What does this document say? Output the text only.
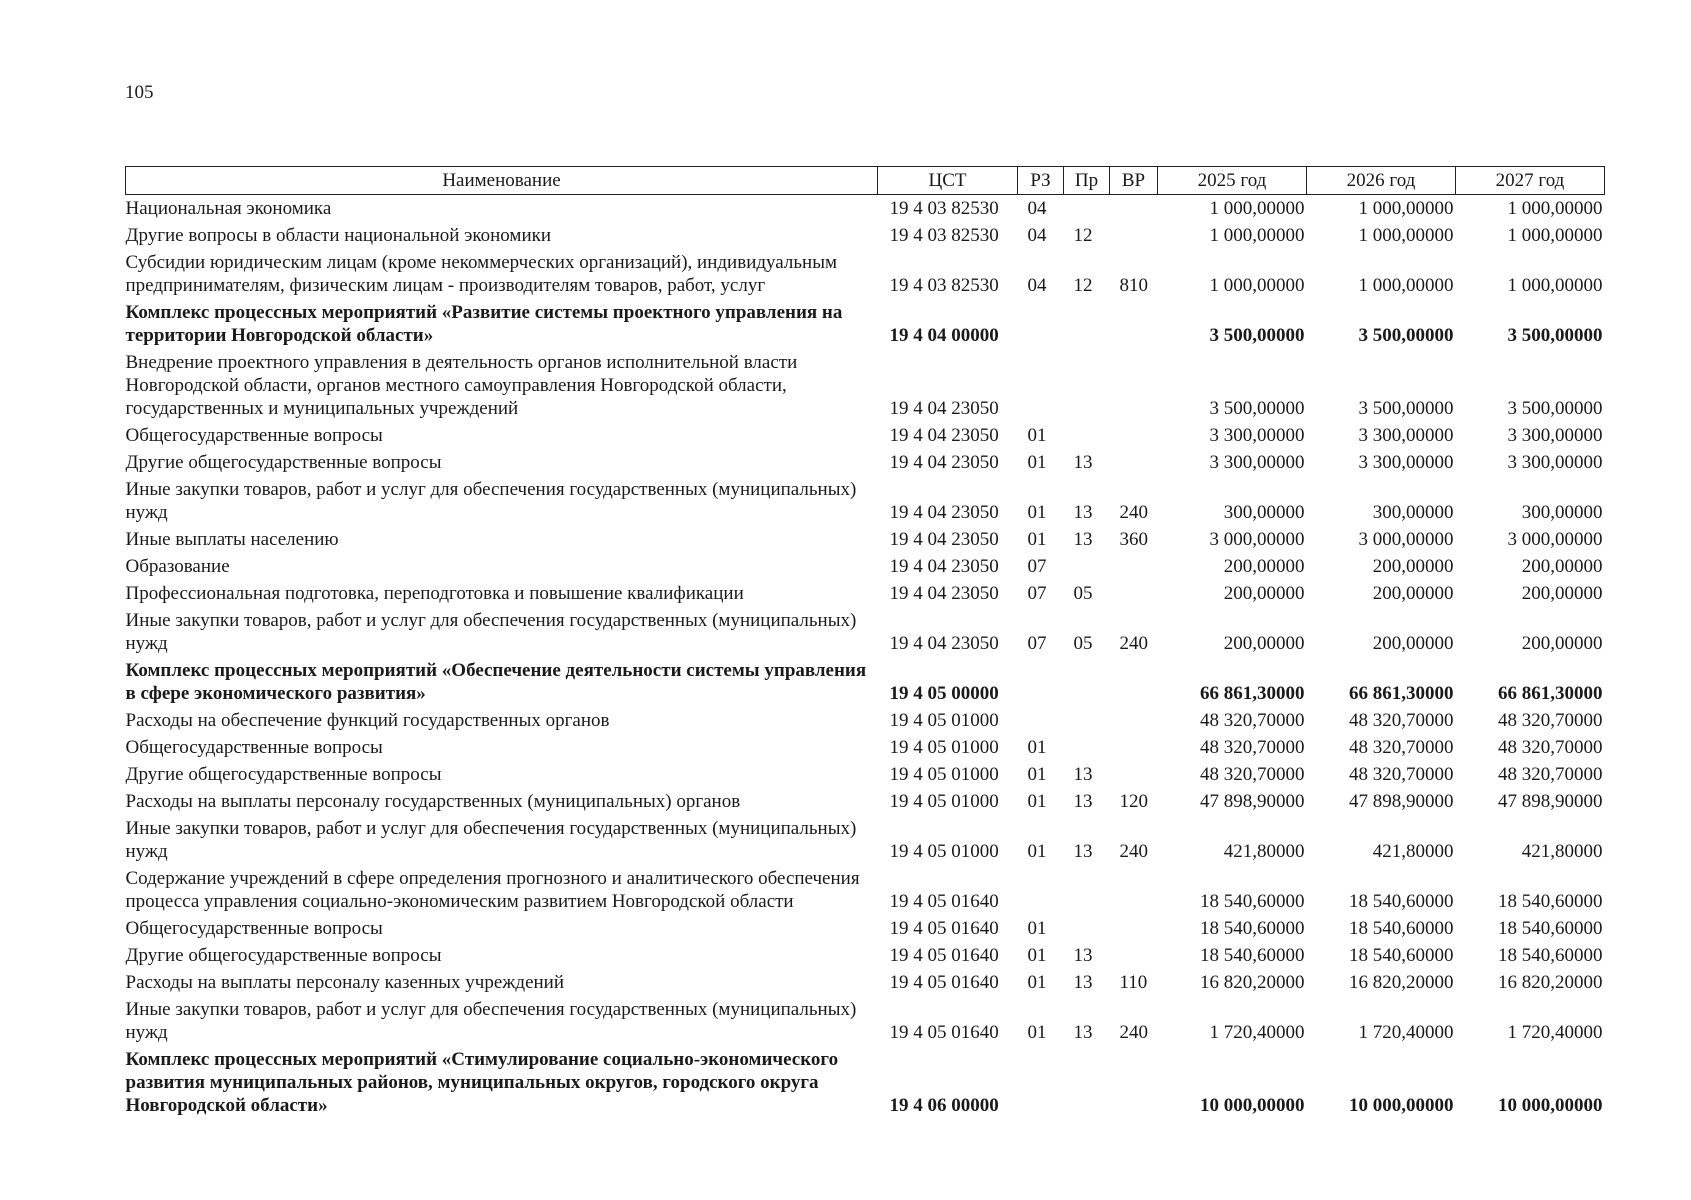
105
Наименование	ЦСТ	РЗ	Пр	ВР	2025 год	2026 год	2027 год
Национальная экономика	19 4 03 82530	04			1 000,00000	1 000,00000	1 000,00000
Другие вопросы в области национальной экономики	19 4 03 82530	04	12		1 000,00000	1 000,00000	1 000,00000
Субсидии юридическим лицам (кроме некоммерческих организаций), индивидуальным предпринимателям, физическим лицам - производителям товаров, работ, услуг	19 4 03 82530	04	12	810	1 000,00000	1 000,00000	1 000,00000
Комплекс процессных мероприятий «Развитие системы проектного управления на территории Новгородской области»	19 4 04 00000				3 500,00000	3 500,00000	3 500,00000
Внедрение проектного управления в деятельность органов исполнительной власти Новгородской области, органов местного самоуправления Новгородской области, государственных и муниципальных учреждений	19 4 04 23050				3 500,00000	3 500,00000	3 500,00000
Общегосударственные вопросы	19 4 04 23050	01			3 300,00000	3 300,00000	3 300,00000
Другие общегосударственные вопросы	19 4 04 23050	01	13		3 300,00000	3 300,00000	3 300,00000
Иные закупки товаров, работ и услуг для обеспечения государственных (муниципальных) нужд	19 4 04 23050	01	13	240	300,00000	300,00000	300,00000
Иные выплаты населению	19 4 04 23050	01	13	360	3 000,00000	3 000,00000	3 000,00000
Образование	19 4 04 23050	07			200,00000	200,00000	200,00000
Профессиональная подготовка, переподготовка и повышение квалификации	19 4 04 23050	07	05		200,00000	200,00000	200,00000
Иные закупки товаров, работ и услуг для обеспечения государственных (муниципальных) нужд	19 4 04 23050	07	05	240	200,00000	200,00000	200,00000
Комплекс процессных мероприятий «Обеспечение деятельности системы управления в сфере экономического развития»	19 4 05 00000				66 861,30000	66 861,30000	66 861,30000
Расходы на обеспечение функций государственных органов	19 4 05 01000				48 320,70000	48 320,70000	48 320,70000
Общегосударственные вопросы	19 4 05 01000	01			48 320,70000	48 320,70000	48 320,70000
Другие общегосударственные вопросы	19 4 05 01000	01	13		48 320,70000	48 320,70000	48 320,70000
Расходы на выплаты персоналу государственных (муниципальных) органов	19 4 05 01000	01	13	120	47 898,90000	47 898,90000	47 898,90000
Иные закупки товаров, работ и услуг для обеспечения государственных (муниципальных) нужд	19 4 05 01000	01	13	240	421,80000	421,80000	421,80000
Содержание учреждений в сфере определения прогнозного и аналитического обеспечения процесса управления социально-экономическим развитием Новгородской области	19 4 05 01640				18 540,60000	18 540,60000	18 540,60000
Общегосударственные вопросы	19 4 05 01640	01			18 540,60000	18 540,60000	18 540,60000
Другие общегосударственные вопросы	19 4 05 01640	01	13		18 540,60000	18 540,60000	18 540,60000
Расходы на выплаты персоналу казенных учреждений	19 4 05 01640	01	13	110	16 820,20000	16 820,20000	16 820,20000
Иные закупки товаров, работ и услуг для обеспечения государственных (муниципальных) нужд	19 4 05 01640	01	13	240	1 720,40000	1 720,40000	1 720,40000
Комплекс процессных мероприятий «Стимулирование социально-экономического развития муниципальных районов, муниципальных округов, городского округа Новгородской области»	19 4 06 00000				10 000,00000	10 000,00000	10 000,00000
